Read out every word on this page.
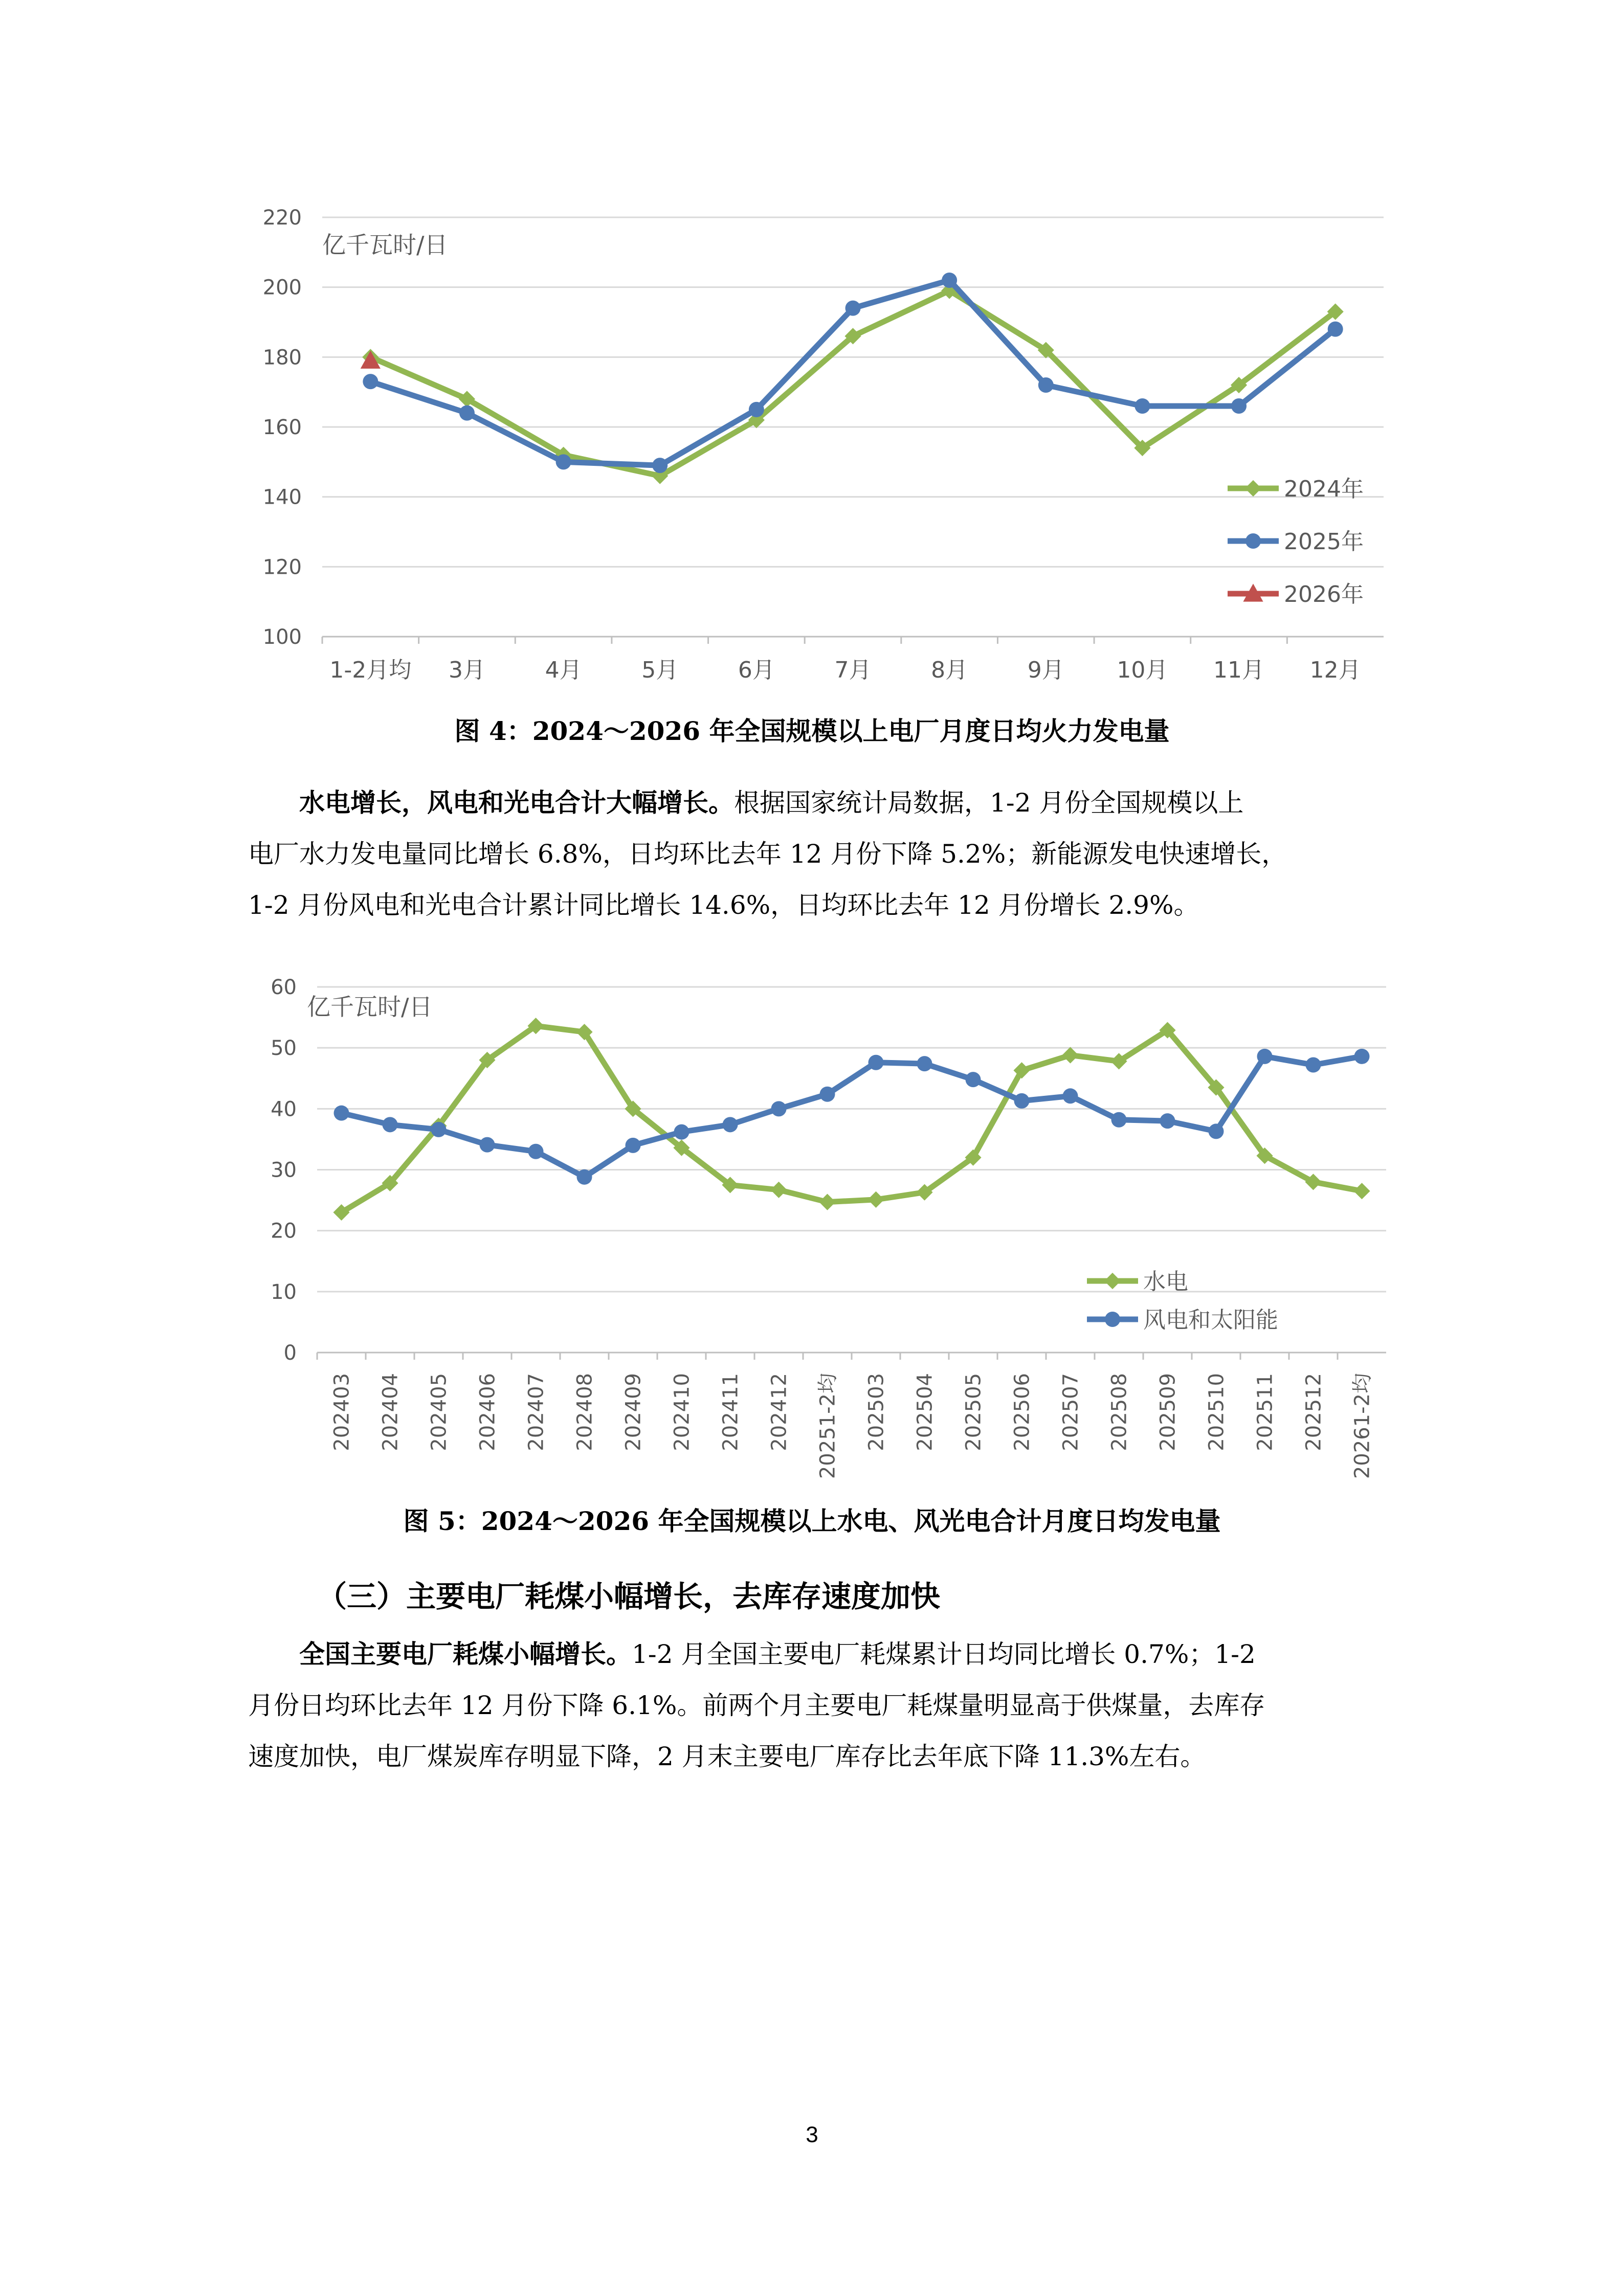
100
120
140
160
180
200
220
亿千瓦时/日
1-2月均 3月	4月	5月	6月	7月	8月	9月 10月 11月 12月
2024年
2025年
2026年
图 4：2024～2026 年全国规模以上电厂月度日均火力发电量
水电增长，风电和光电合计大幅增长。根据国家统计局数据，1-2 月份全国规模以上
电厂水力发电量同比增长 6.8%，日均环比去年 12 月份下降 5.2%；新能源发电快速增长，
1-2 月份风电和光电合计累计同比增长 14.6%，日均环比去年 12 月份增长 2.9%。
0
10
20
30
40
50
60
亿千瓦时/日
202403 202404 202405 202406 202407 202408 202409 202410 202411 202412 20251-2均 202503 202504 202505 202506 202507 202508 202509 202510 202511 202512 20261-2均
水电
风电和太阳能
图 5：2024～2026 年全国规模以上水电、风光电合计月度日均发电量
（三）主要电厂耗煤小幅增长，去库存速度加快
全国主要电厂耗煤小幅增长。1-2 月全国主要电厂耗煤累计日均同比增长 0.7%；1-2
月份日均环比去年 12 月份下降 6.1%。前两个月主要电厂耗煤量明显高于供煤量，去库存
速度加快，电厂煤炭库存明显下降，2 月末主要电厂库存比去年底下降 11.3%左右。
3
